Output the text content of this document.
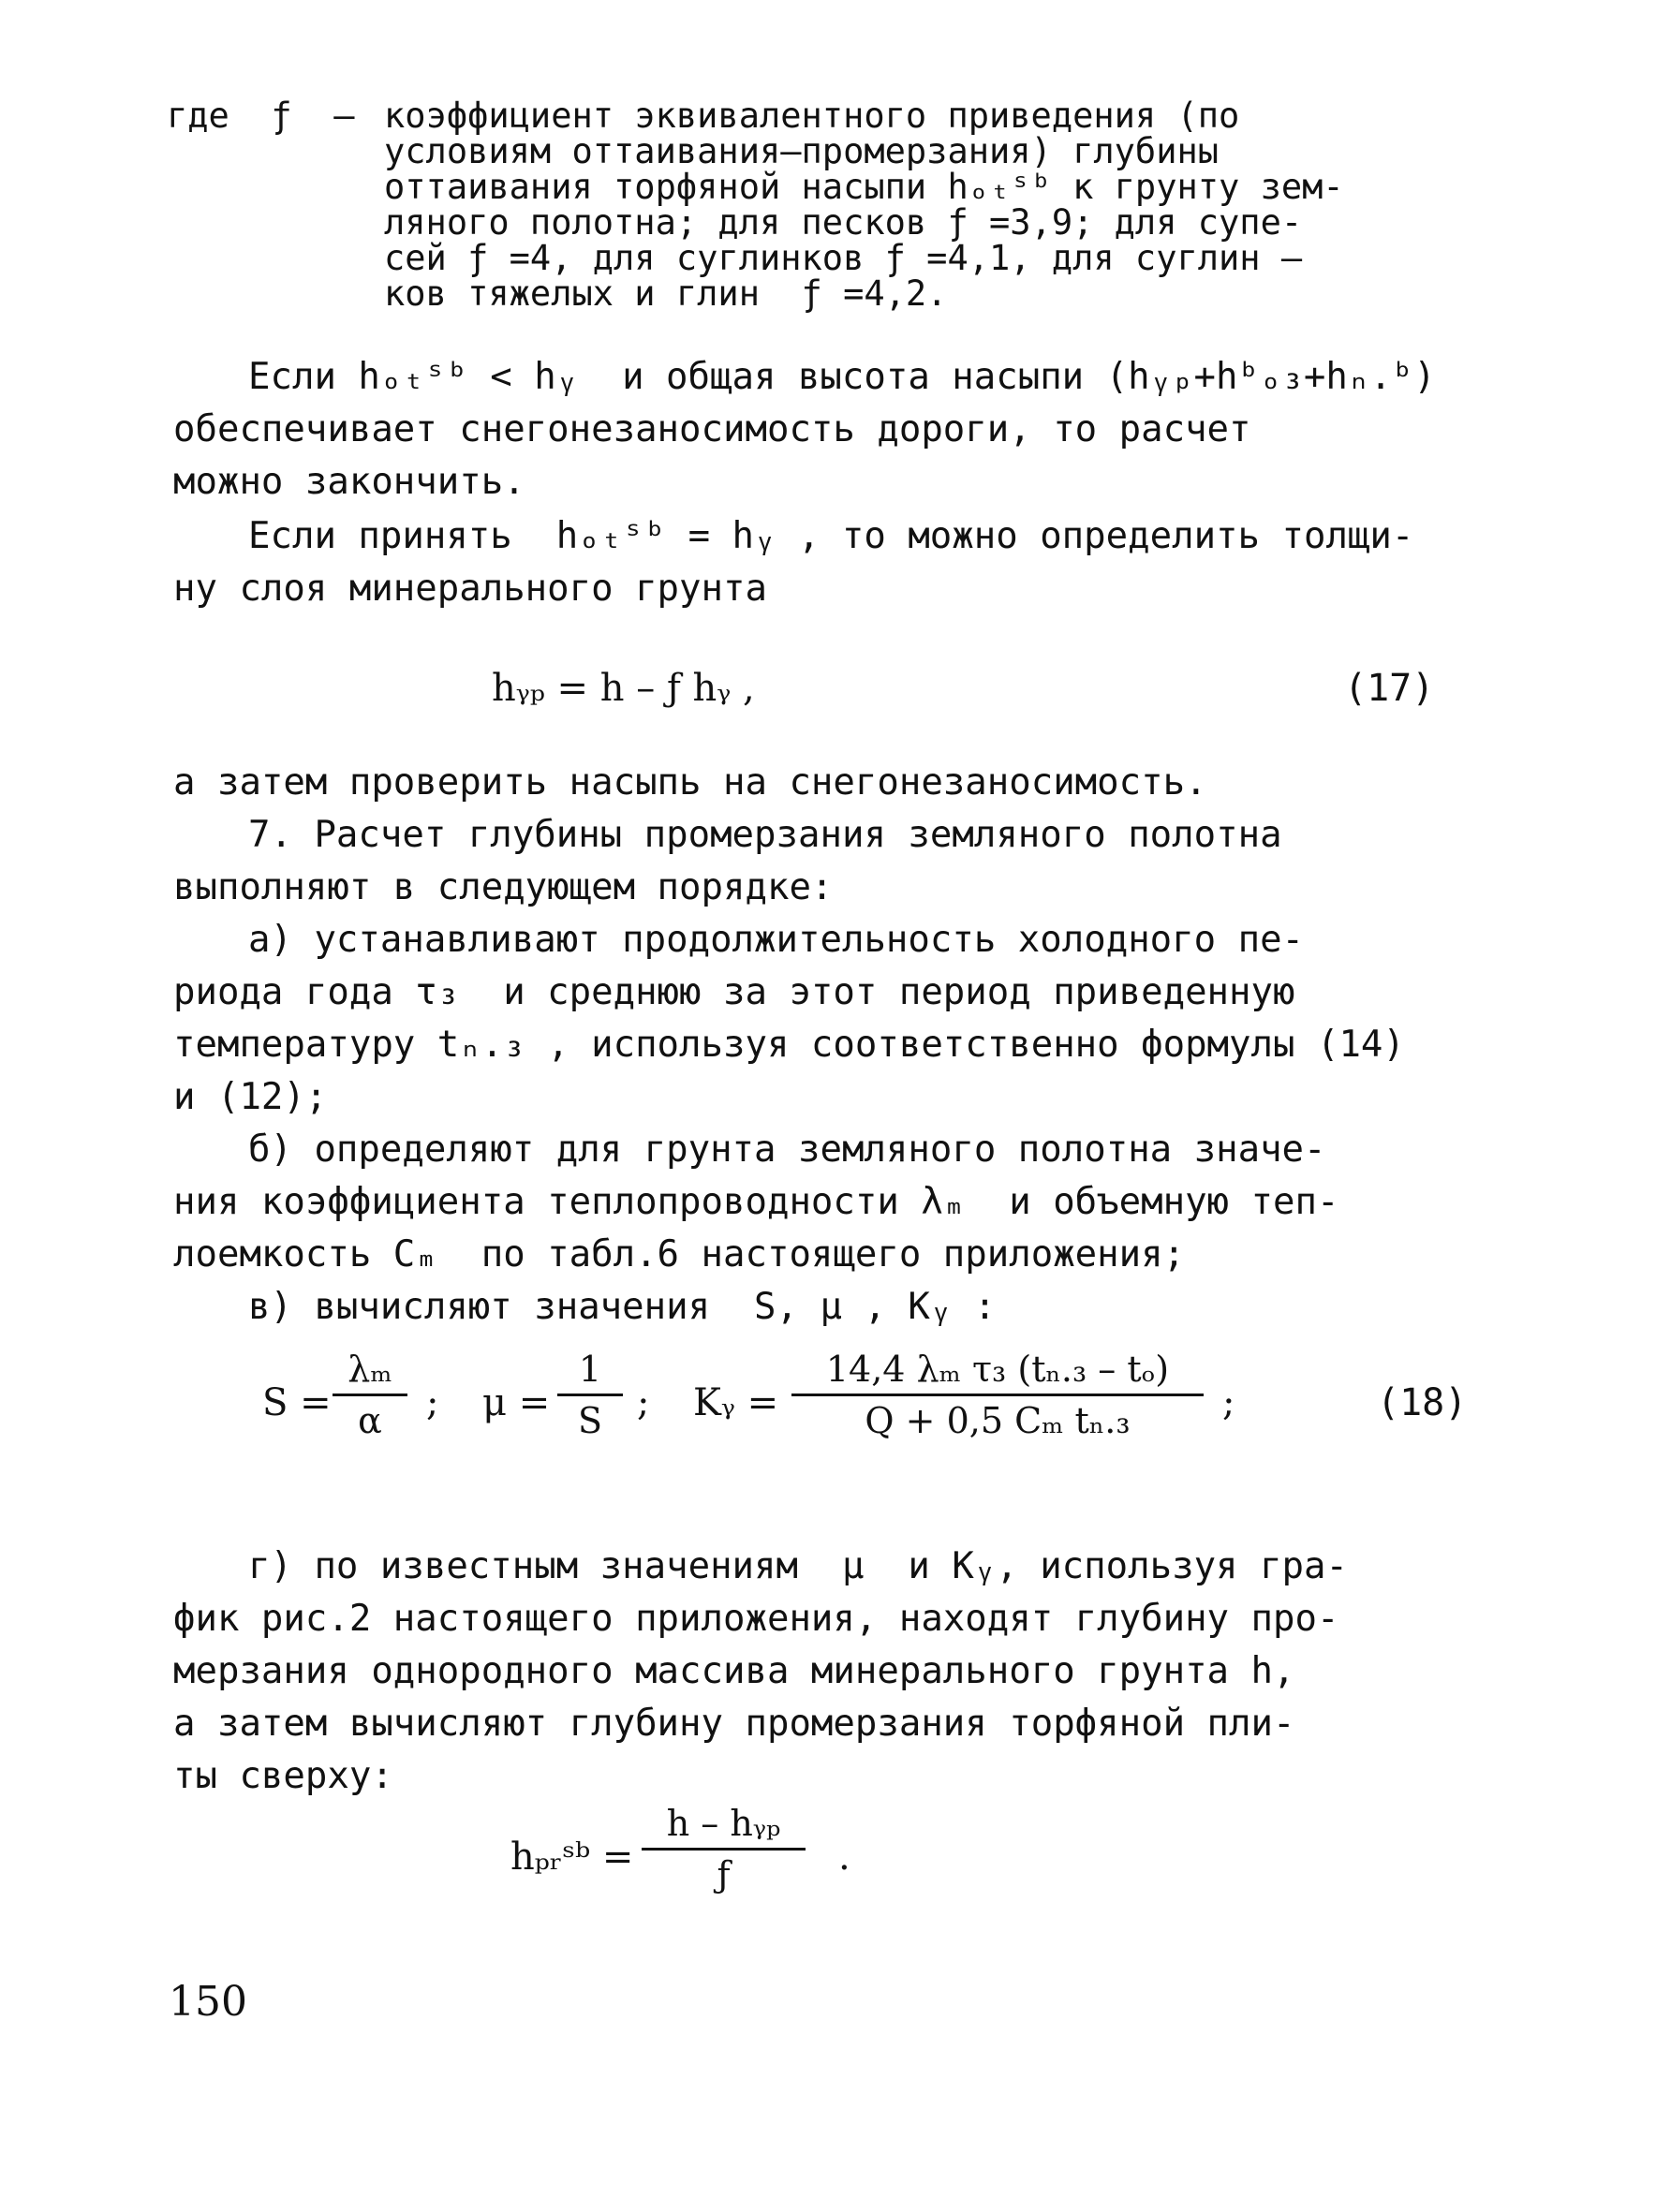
где  ƒ  – коэффициент эквивалентного приведения (по
условиям оттаивания–промерзания) глубины
оттаивания торфяной насыпи hₒₜˢᵇ к грунту зем-
ляного полотна; для песков ƒ =3,9; для супе-
сей ƒ =4, для суглинков ƒ =4,1, для суглин –
ков тяжелых и глин  ƒ =4,2.
Если hₒₜˢᵇ < hᵧ  и общая высота насыпи (hᵧₚ+hᵇₒ₃+hₙ.ᵇ)
обеспечивает снегонезаносимость дороги, то расчет
можно закончить.
Если принять  hₒₜˢᵇ = hᵧ , то можно определить толщи-
ну слоя минерального грунта
hᵧₚ = h – ƒ hᵧ ,	(17)
а затем проверить насыпь на снегонезаносимость.
7. Расчет глубины промерзания земляного полотна
выполняют в следующем порядке:
а) устанавливают продолжительность холодного пе-
риода года τ₃  и среднюю за этот период приведенную
температуру tₙ.₃ , используя соответственно формулы (14)
и (12);
б) определяют для грунта земляного полотна значе-
ния коэффициента теплопроводности λₘ  и объемную теп-
лоемкость Cₘ  по табл.6 настоящего приложения;
в) вычисляют значения  S, μ , Kᵧ :
S =
λₘ
α	; μ =
1
S ; Kᵧ =
14,4 λₘ τ₃ (tₙ.₃ – tₒ)
Q + 0,5 Cₘ tₙ.₃	;	(18)
г) по известным значениям  μ  и Kᵧ, используя гра-
фик рис.2 настоящего приложения, находят глубину про-
мерзания однородного массива минерального грунта h,
а затем вычисляют глубину промерзания торфяной пли-
ты сверху:
hₚᵣˢᵇ =
h – hᵧₚ
ƒ	.
150
